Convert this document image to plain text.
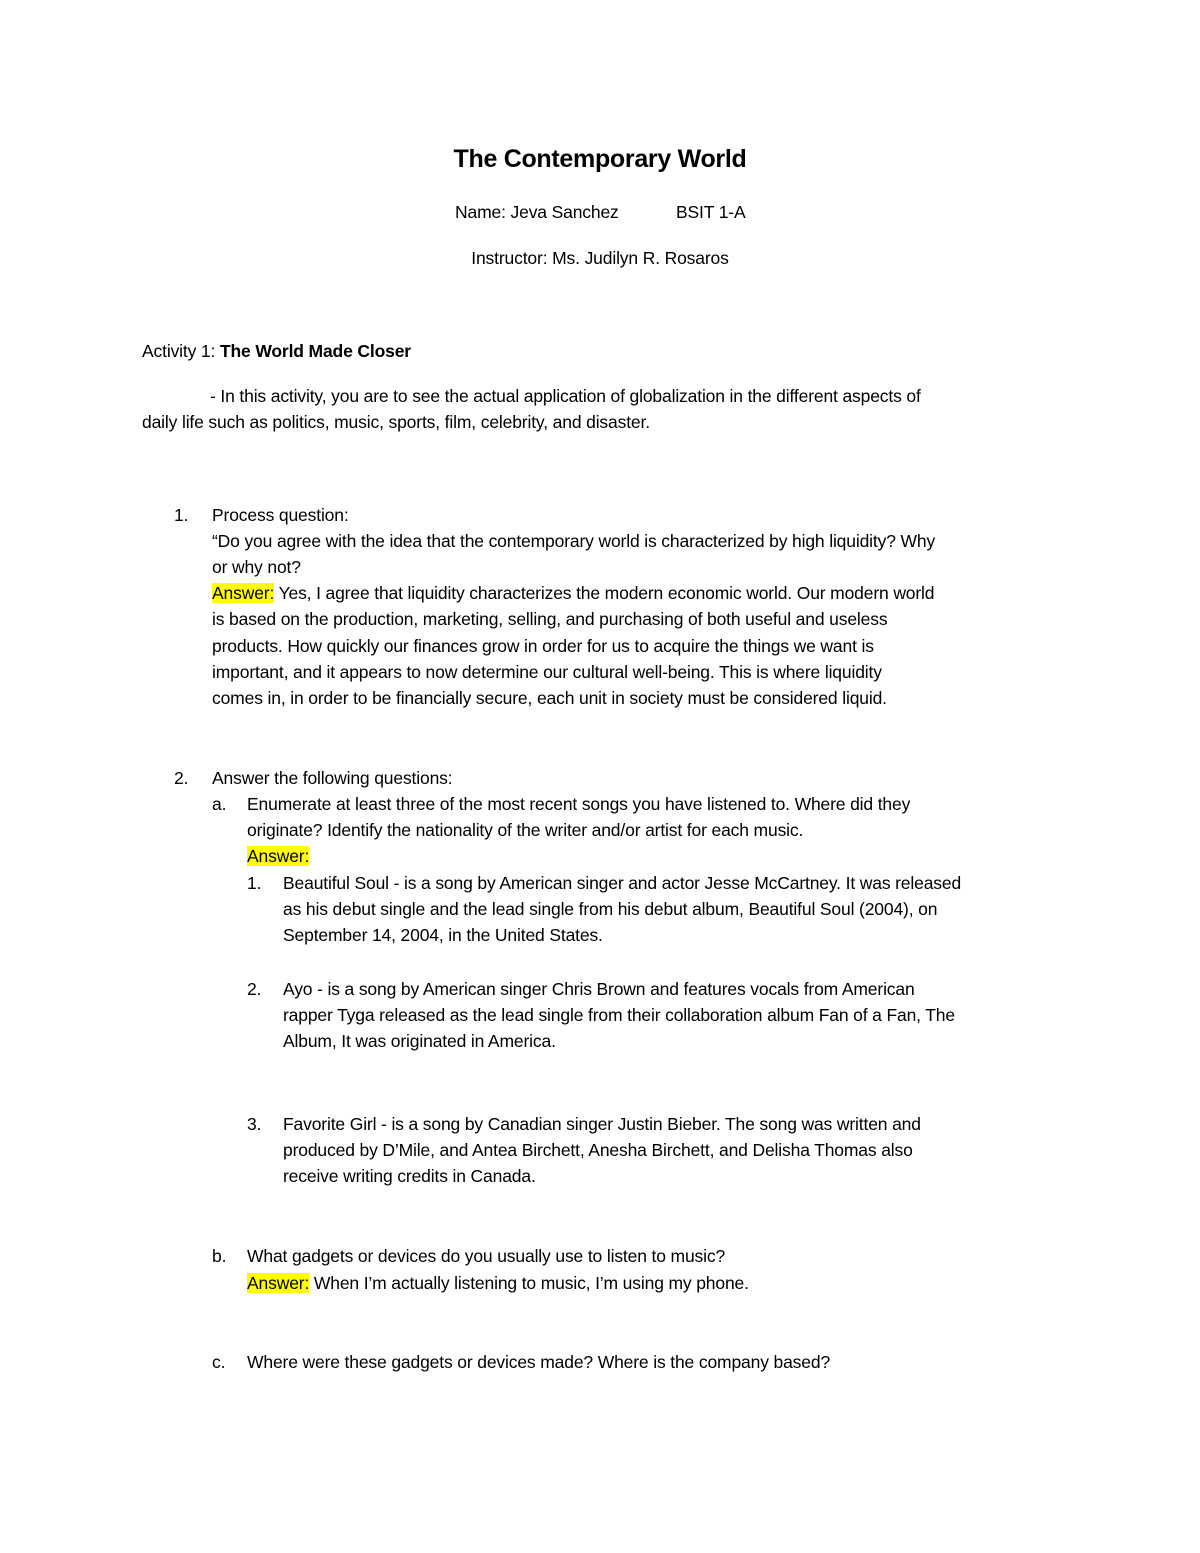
The Contemporary World
Name: Jeva Sanchez	BSIT 1-A
Instructor: Ms. Judilyn R. Rosaros
Activity 1: The World Made Closer
- In this activity, you are to see the actual application of globalization in the different aspects of
daily life such as politics, music, sports, film, celebrity, and disaster.
1. Process question:
“Do you agree with the idea that the contemporary world is characterized by high liquidity? Why
or why not?
Answer: Yes, I agree that liquidity characterizes the modern economic world. Our modern world
is based on the production, marketing, selling, and purchasing of both useful and useless
products. How quickly our finances grow in order for us to acquire the things we want is
important, and it appears to now determine our cultural well-being. This is where liquidity
comes in, in order to be financially secure, each unit in society must be considered liquid.
2. Answer the following questions:
a. Enumerate at least three of the most recent songs you have listened to. Where did they
originate? Identify the nationality of the writer and/or artist for each music.
Answer:
1. Beautiful Soul - is a song by American singer and actor Jesse McCartney. It was released
as his debut single and the lead single from his debut album, Beautiful Soul (2004), on
September 14, 2004, in the United States.
2. Ayo - is a song by American singer Chris Brown and features vocals from American
rapper Tyga released as the lead single from their collaboration album Fan of a Fan, The
Album, It was originated in America.
3. Favorite Girl - is a song by Canadian singer Justin Bieber. The song was written and
produced by D’Mile, and Antea Birchett, Anesha Birchett, and Delisha Thomas also
receive writing credits in Canada.
b. What gadgets or devices do you usually use to listen to music?
Answer: When I’m actually listening to music, I’m using my phone.
c. Where were these gadgets or devices made? Where is the company based?
